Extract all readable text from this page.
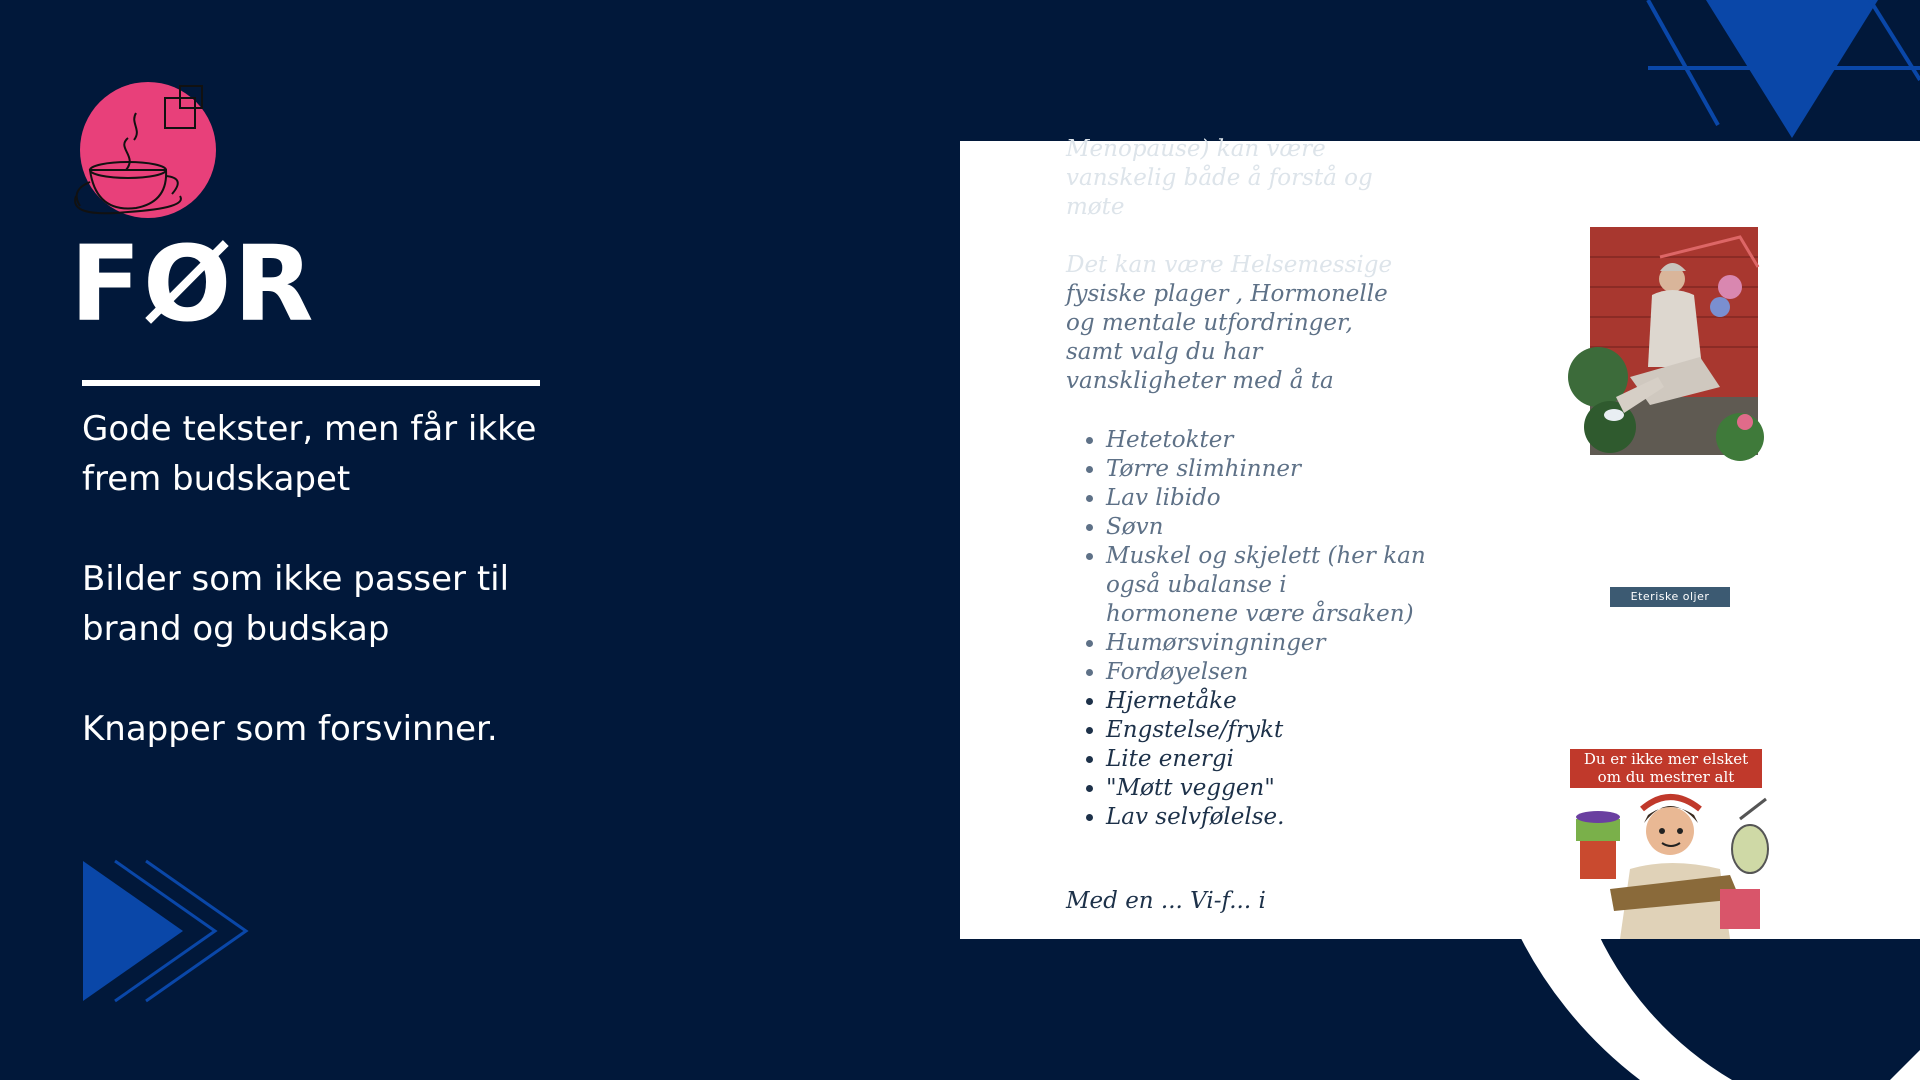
FØR
Gode tekster, men får ikke frem budskapet
Bilder som ikke passer til brand og budskap
Knapper som forsvinner.

Menopause) kan være
vanskelig både å forstå og
møte

Det kan være Helsemessige
fysiske plager , Hormonelle
og mentale utfordringer,
samt valg du har
vanskligheter med å ta

• Hetetokter
• Tørre slimhinner
• Lav libido
• Søvn
• Muskel og skjelett (her kan også ubalanse i hormonene være årsaken)
• Humørsvingninger
• Fordøyelsen
• Hjernetåke
• Engstelse/frykt
• Lite energi
• "Møtt veggen"
• Lav selvfølelse.
Med en ... Vi-f... i
Eteriske oljer
Du er ikke mer elsket om du mestrer alt
